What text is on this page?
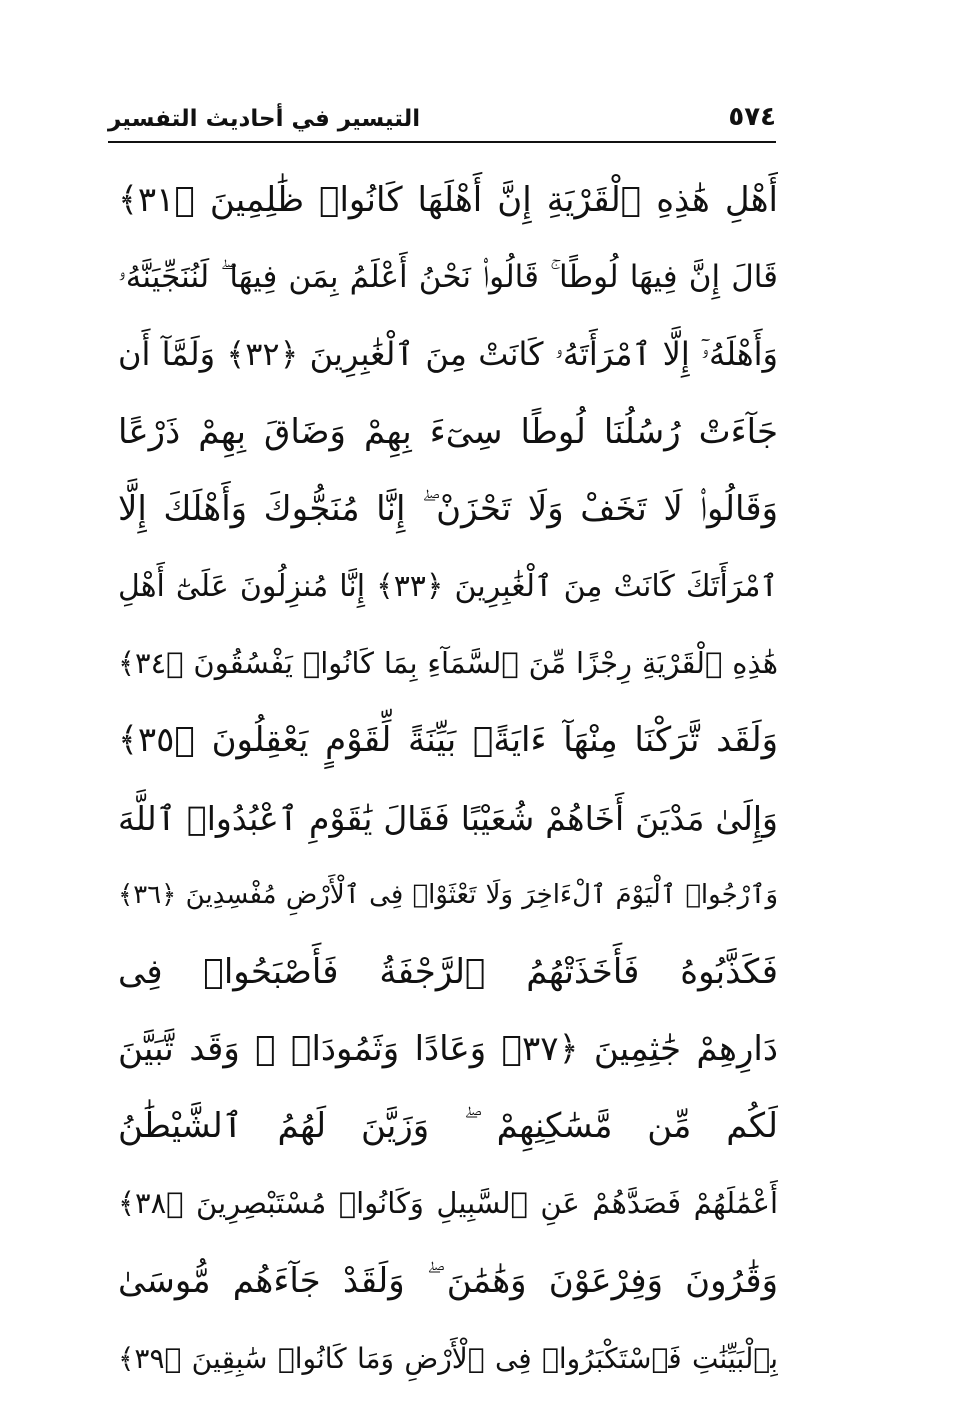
٥٧٤
التيسير في أحاديث التفسير
أَهْلِ هَٰذِهِ ٱلْقَرْيَةِ إِنَّ أَهْلَهَا كَانُوا۟ ظَٰلِمِينَ ﴿٣١﴾
قَالَ إِنَّ فِيهَا لُوطًا ۚ قَالُوا۟ نَحْنُ أَعْلَمُ بِمَن فِيهَا ۖ لَنُنَجِّيَنَّهُۥ
وَأَهْلَهُۥٓ إِلَّا ٱمْرَأَتَهُۥ كَانَتْ مِنَ ٱلْغَٰبِرِينَ ﴿٣٢﴾ وَلَمَّآ أَن
جَآءَتْ رُسُلُنَا لُوطًا سِىٓءَ بِهِمْ وَضَاقَ بِهِمْ ذَرْعًا
وَقَالُوا۟ لَا تَخَفْ وَلَا تَحْزَنْ ۖ إِنَّا مُنَجُّوكَ وَأَهْلَكَ إِلَّا
ٱمْرَأَتَكَ كَانَتْ مِنَ ٱلْغَٰبِرِينَ ﴿٣٣﴾ إِنَّا مُنزِلُونَ عَلَىٰٓ أَهْلِ
هَٰذِهِ ٱلْقَرْيَةِ رِجْزًا مِّنَ ٱلسَّمَآءِ بِمَا كَانُوا۟ يَفْسُقُونَ ﴿٣٤﴾
وَلَقَد تَّرَكْنَا مِنْهَآ ءَايَةًۢ بَيِّنَةً لِّقَوْمٍ يَعْقِلُونَ ﴿٣٥﴾
وَإِلَىٰ مَدْيَنَ أَخَاهُمْ شُعَيْبًا فَقَالَ يَٰقَوْمِ ٱعْبُدُوا۟ ٱللَّهَ
وَٱرْجُوا۟ ٱلْيَوْمَ ٱلْءَاخِرَ وَلَا تَعْثَوْا۟ فِى ٱلْأَرْضِ مُفْسِدِينَ ﴿٣٦﴾
فَكَذَّبُوهُ فَأَخَذَتْهُمُ ٱلرَّجْفَةُ فَأَصْبَحُوا۟ فِى
دَارِهِمْ جَٰثِمِينَ ﴿٣٧﴾ وَعَادًا وَثَمُودَا۟ ۖ وَقَد تَّبَيَّنَ
لَكُم مِّن مَّسَٰكِنِهِمْ ۖ وَزَيَّنَ لَهُمُ ٱلشَّيْطَٰنُ
أَعْمَٰلَهُمْ فَصَدَّهُمْ عَنِ ٱلسَّبِيلِ وَكَانُوا۟ مُسْتَبْصِرِينَ ﴿٣٨﴾
وَقَٰرُونَ وَفِرْعَوْنَ وَهَٰمَٰنَ ۖ وَلَقَدْ جَآءَهُم مُّوسَىٰ
بِٱلْبَيِّنَٰتِ فَٱسْتَكْبَرُوا۟ فِى ٱلْأَرْضِ وَمَا كَانُوا۟ سَٰبِقِينَ ﴿٣٩﴾
